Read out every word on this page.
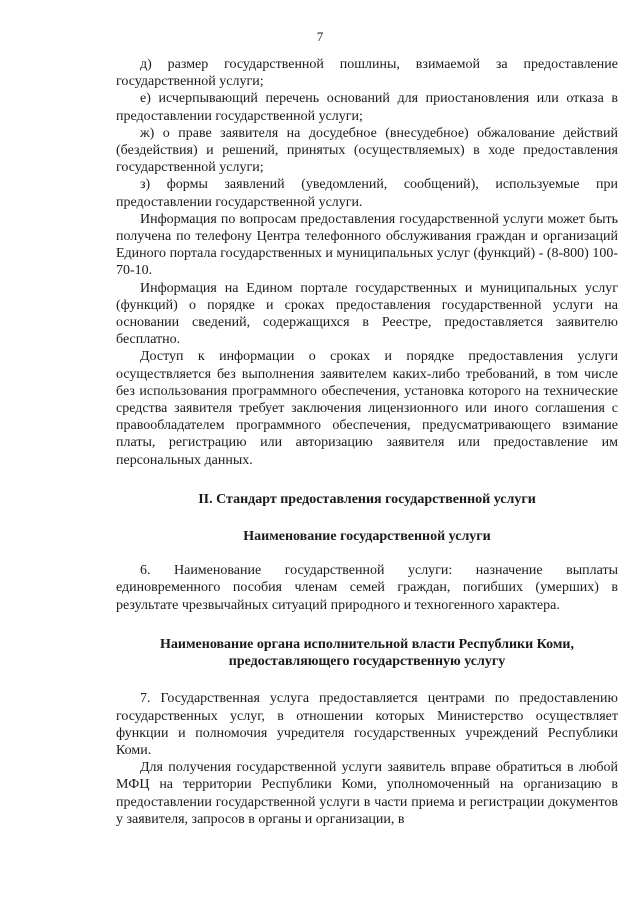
7

д) размер государственной пошлины, взимаемой за предоставление государственной услуги;

е) исчерпывающий перечень оснований для приостановления или отказа в предоставлении государственной услуги;

ж) о праве заявителя на досудебное (внесудебное) обжалование действий (бездействия) и решений, принятых (осуществляемых) в ходе предоставления государственной услуги;

з) формы заявлений (уведомлений, сообщений), используемые при предоставлении государственной услуги.

Информация по вопросам предоставления государственной услуги может быть получена по телефону Центра телефонного обслуживания граждан и организаций Единого портала государственных и муниципальных услуг (функций) - (8-800) 100-70-10.

Информация на Едином портале государственных и муниципальных услуг (функций) о порядке и сроках предоставления государственной услуги на основании сведений, содержащихся в Реестре, предоставляется заявителю бесплатно.

Доступ к информации о сроках и порядке предоставления услуги осуществляется без выполнения заявителем каких-либо требований, в том числе без использования программного обеспечения, установка которого на технические средства заявителя требует заключения лицензионного или иного соглашения с правообладателем программного обеспечения, предусматривающего взимание платы, регистрацию или авторизацию заявителя или предоставление им персональных данных.

II. Стандарт предоставления государственной услуги

Наименование государственной услуги

6. Наименование государственной услуги: назначение выплаты единовременного пособия членам семей граждан, погибших (умерших) в результате чрезвычайных ситуаций природного и техногенного характера.

Наименование органа исполнительной власти Республики Коми,

предоставляющего государственную услугу

7. Государственная услуга предоставляется центрами по предоставлению государственных услуг, в отношении которых Министерство осуществляет функции и полномочия учредителя государственных учреждений Республики Коми.

Для получения государственной услуги заявитель вправе обратиться в любой МФЦ на территории Республики Коми, уполномоченный на организацию в предоставлении государственной услуги в части приема и регистрации документов у заявителя, запросов в органы и организации, в
